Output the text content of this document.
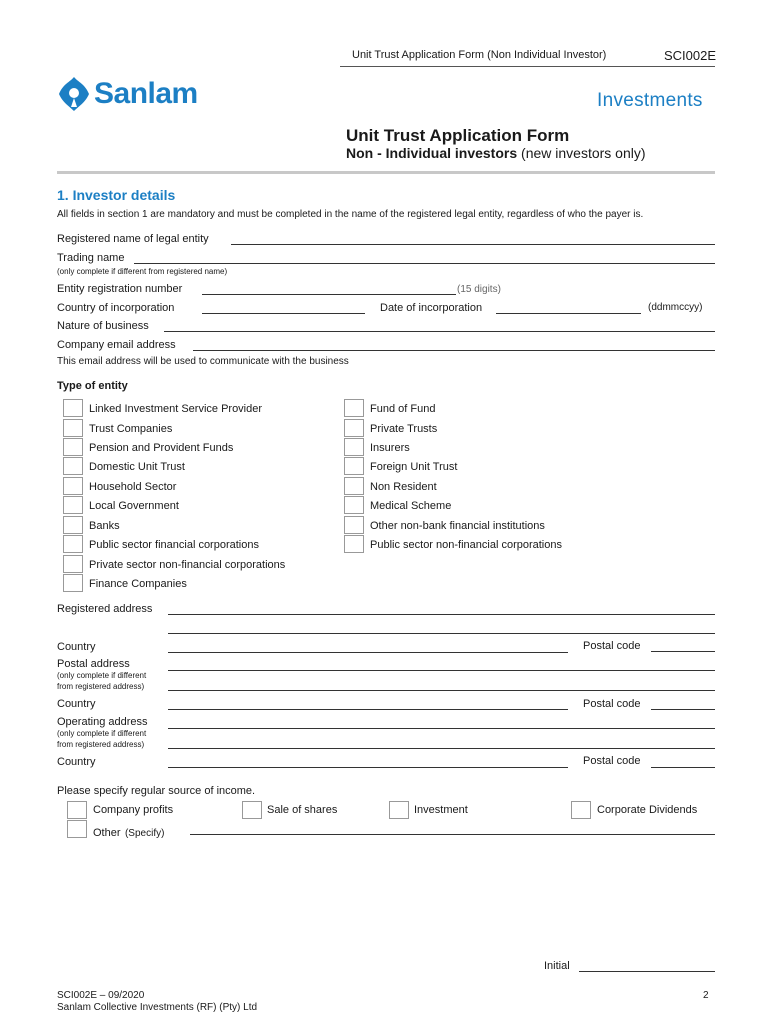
Unit Trust Application Form (Non Individual Investor)	SCI002E
Sanlam	Investments
Unit Trust Application Form
Non - Individual investors (new investors only)
1. Investor details
All fields in section 1 are mandatory and must be completed in the name of the registered legal entity, regardless of who the payer is.
Registered name of legal entity
Trading name
(only complete if different from registered name)
Entity registration number	(15 digits)
Country of incorporation	Date of incorporation	(ddmmccyy)
Nature of business
Company email address
This email address will be used to communicate with the business
Type of entity
Linked Investment Service Provider
Trust Companies
Pension and Provident Funds
Domestic Unit Trust
Household Sector
Local Government
Banks
Public sector financial corporations
Private sector non-financial corporations
Finance Companies
Fund of Fund
Private Trusts
Insurers
Foreign Unit Trust
Non Resident
Medical Scheme
Other non-bank financial institutions
Public sector non-financial corporations
Registered address
Country	Postal code
Postal address
(only complete if different
from registered address)
Country	Postal code
Operating address
(only complete if different
from registered address)
Country	Postal code
Please specify regular source of income.
Company profits	Sale of shares	Investment	Corporate Dividends
Other (Specify)
Initial
SCI002E – 09/2020
Sanlam Collective Investments (RF) (Pty) Ltd
2
